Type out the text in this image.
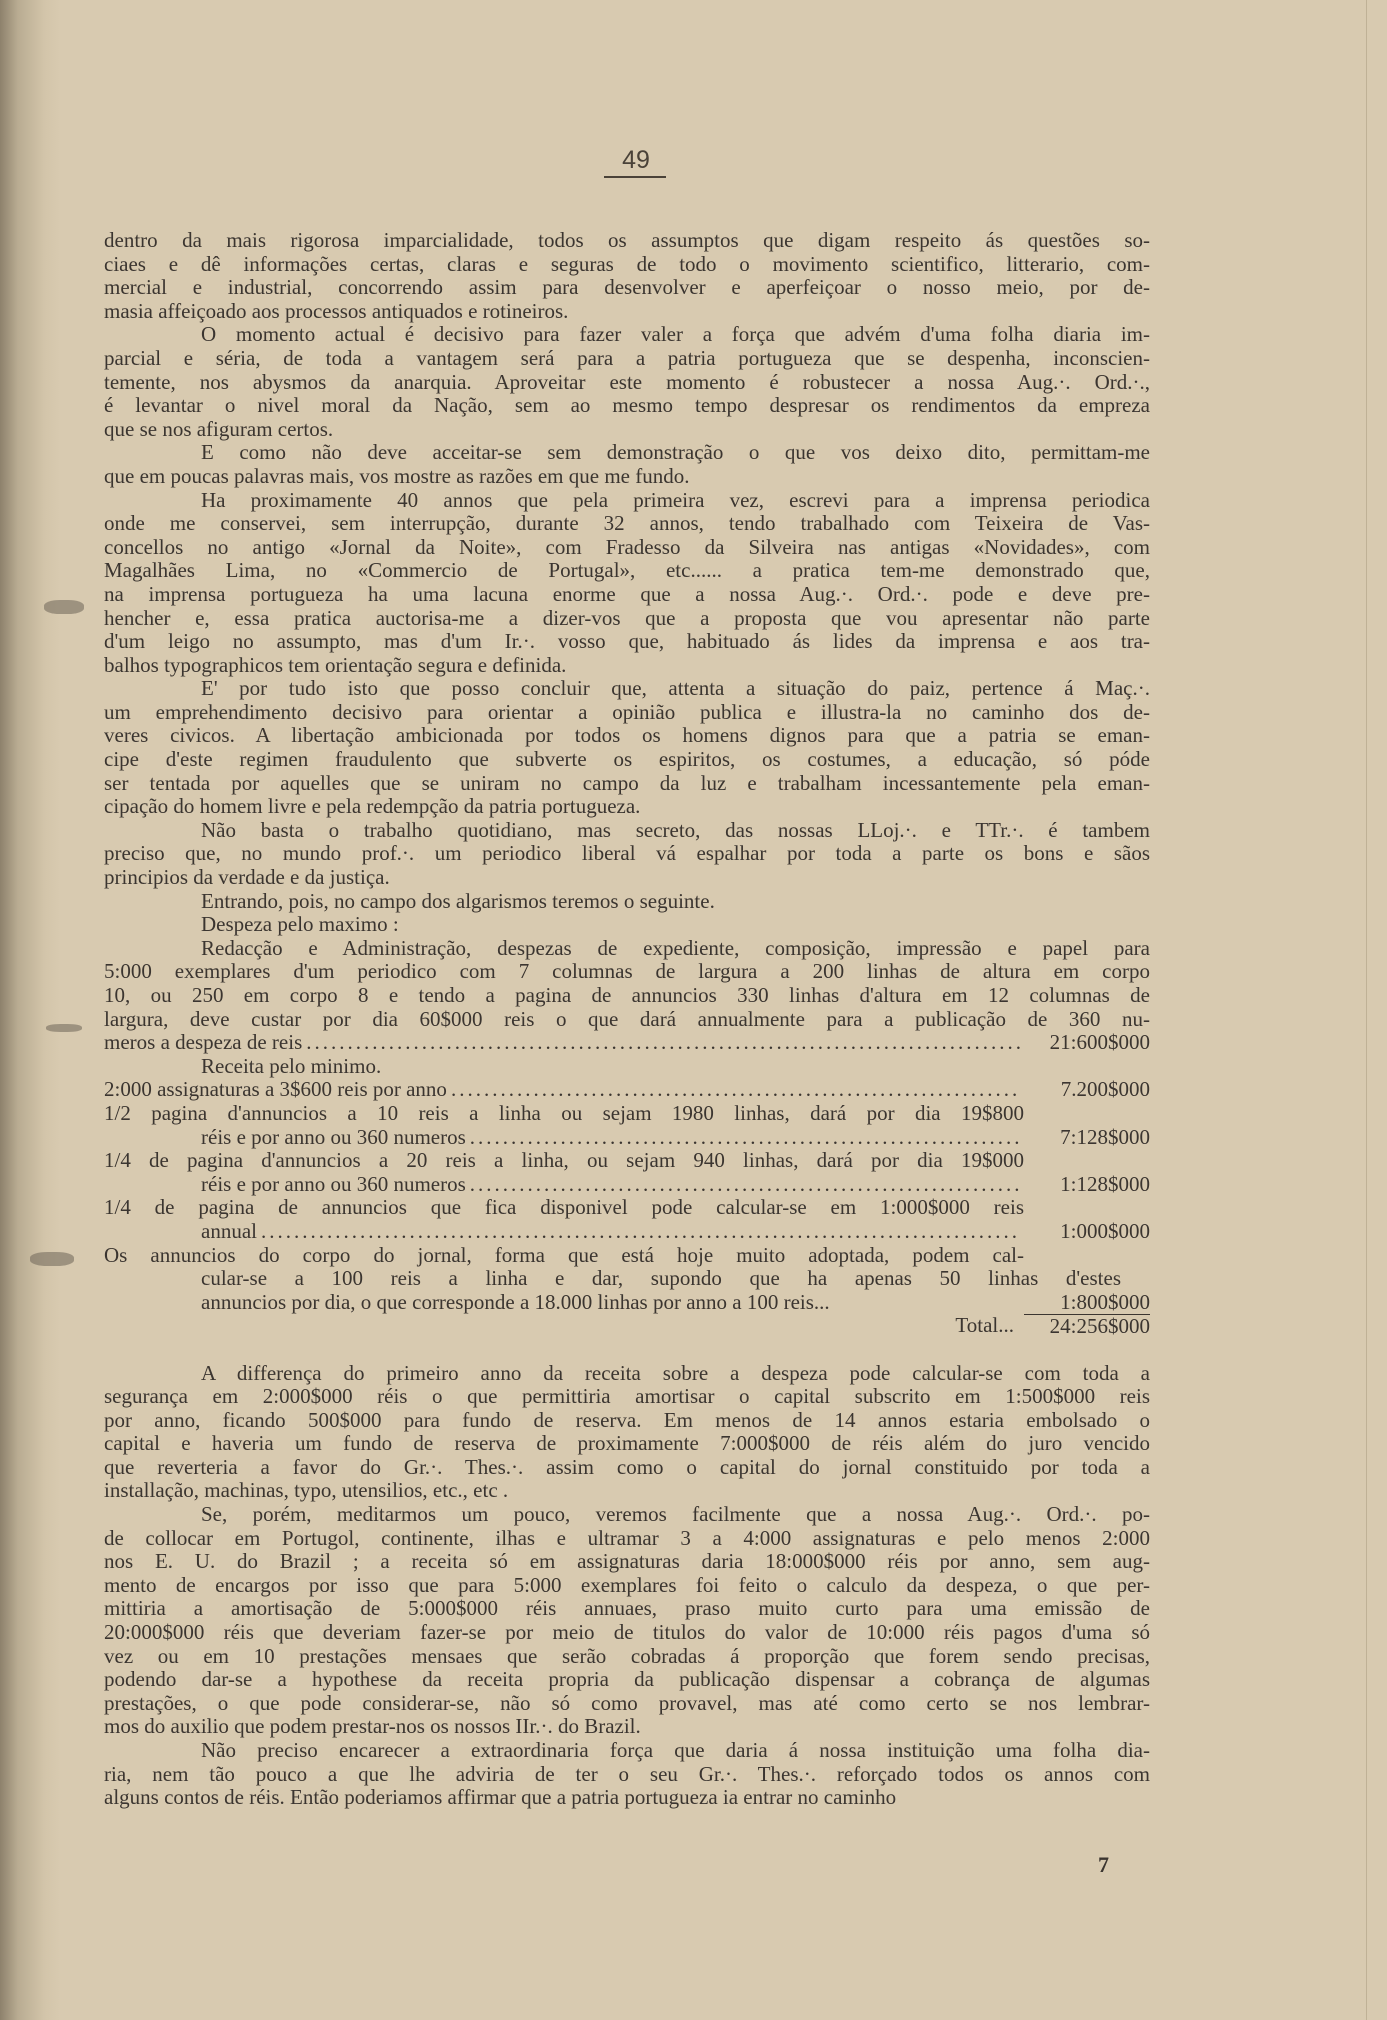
49
dentro da mais rigorosa imparcialidade, todos os assumptos que digam respeito ás questões so-
ciaes e dê informações certas, claras e seguras de todo o movimento scientifico, litterario, com-
mercial e industrial, concorrendo assim para desenvolver e aperfeiçoar o nosso meio, por de-
masia affeiçoado aos processos antiquados e rotineiros.
O momento actual é decisivo para fazer valer a força que advém d'uma folha diaria im-
parcial e séria, de toda a vantagem será para a patria portugueza que se despenha, inconscien-
temente, nos abysmos da anarquia. Aproveitar este momento é robustecer a nossa Aug.·. Ord.·.,
é levantar o nivel moral da Nação, sem ao mesmo tempo despresar os rendimentos da empreza
que se nos afiguram certos.
E como não deve acceitar-se sem demonstração o que vos deixo dito, permittam-me
que em poucas palavras mais, vos mostre as razões em que me fundo.
Ha proximamente 40 annos que pela primeira vez, escrevi para a imprensa periodica
onde me conservei, sem interrupção, durante 32 annos, tendo trabalhado com Teixeira de Vas-
concellos no antigo «Jornal da Noite», com Fradesso da Silveira nas antigas «Novidades», com
Magalhães Lima, no «Commercio de Portugal», etc...... a pratica tem-me demonstrado que,
na imprensa portugueza ha uma lacuna enorme que a nossa Aug.·. Ord.·. pode e deve pre-
hencher e, essa pratica auctorisa-me a dizer-vos que a proposta que vou apresentar não parte
d'um leigo no assumpto, mas d'um Ir.·. vosso que, habituado ás lides da imprensa e aos tra-
balhos typographicos tem orientação segura e definida.
E' por tudo isto que posso concluir que, attenta a situação do paiz, pertence á Maç.·.
um emprehendimento decisivo para orientar a opinião publica e illustra-la no caminho dos de-
veres civicos. A libertação ambicionada por todos os homens dignos para que a patria se eman-
cipe d'este regimen fraudulento que subverte os espiritos, os costumes, a educação, só póde
ser tentada por aquelles que se uniram no campo da luz e trabalham incessantemente pela eman-
cipação do homem livre e pela redempção da patria portugueza.
Não basta o trabalho quotidiano, mas secreto, das nossas LLoj.·. e TTr.·. é tambem
preciso que, no mundo prof.·. um periodico liberal vá espalhar por toda a parte os bons e sãos
principios da verdade e da justiça.
Entrando, pois, no campo dos algarismos teremos o seguinte.
Despeza pelo maximo :
Redacção e Administração, despezas de expediente, composição, impressão e papel para
5:000 exemplares d'um periodico com 7 columnas de largura a 200 linhas de altura em corpo
10, ou 250 em corpo 8 e tendo a pagina de annuncios 330 linhas d'altura em 12 columnas de
largura, deve custar por dia 60$000 reis o que dará annualmente para a publicação de 360 nu-
meros a despeza de reis .....	21:600$000
Receita pelo minimo.
2:000 assignaturas a 3$600 reis por anno .....	7.200$000
1/2 pagina d'annuncios a 10 reis a linha ou sejam 1980 linhas, dará por dia 19$800
réis e por anno ou 360 numeros .....	7:128$000
1/4 de pagina d'annuncios a 20 reis a linha, ou sejam 940 linhas, dará por dia 19$000
réis e por anno ou 360 numeros .....	1:128$000
1/4 de pagina de annuncios que fica disponivel pode calcular-se em 1:000$000 reis
annual .....	1:000$000
Os annuncios do corpo do jornal, forma que está hoje muito adoptada, podem cal-
cular-se a 100 reis a linha e dar, supondo que ha apenas 50 linhas d'estes
annuncios por dia, o que corresponde a 18.000 linhas por anno a 100 reis...	1:800$000
Total...	24:256$000
A differença do primeiro anno da receita sobre a despeza pode calcular-se com toda a
segurança em 2:000$000 réis o que permittiria amortisar o capital subscrito em 1:500$000 reis
por anno, ficando 500$000 para fundo de reserva. Em menos de 14 annos estaria embolsado o
capital e haveria um fundo de reserva de proximamente 7:000$000 de réis além do juro vencido
que reverteria a favor do Gr.·. Thes.·. assim como o capital do jornal constituido por toda a
installação, machinas, typo, utensilios, etc., etc .
Se, porém, meditarmos um pouco, veremos facilmente que a nossa Aug.·. Ord.·. po-
de collocar em Portugol, continente, ilhas e ultramar 3 a 4:000 assignaturas e pelo menos 2:000
nos E. U. do Brazil ; a receita só em assignaturas daria 18:000$000 réis por anno, sem aug-
mento de encargos por isso que para 5:000 exemplares foi feito o calculo da despeza, o que per-
mittiria a amortisação de 5:000$000 réis annuaes, praso muito curto para uma emissão de
20:000$000 réis que deveriam fazer-se por meio de titulos do valor de 10:000 réis pagos d'uma só
vez ou em 10 prestações mensaes que serão cobradas á proporção que forem sendo precisas,
podendo dar-se a hypothese da receita propria da publicação dispensar a cobrança de algumas
prestações, o que pode considerar-se, não só como provavel, mas até como certo se nos lembrar-
mos do auxilio que podem prestar-nos os nossos IIr.·. do Brazil.
Não preciso encarecer a extraordinaria força que daria á nossa instituição uma folha dia-
ria, nem tão pouco a que lhe adviria de ter o seu Gr.·. Thes.·. reforçado todos os annos com
alguns contos de réis. Então poderiamos affirmar que a patria portugueza ia entrar no caminho
7
